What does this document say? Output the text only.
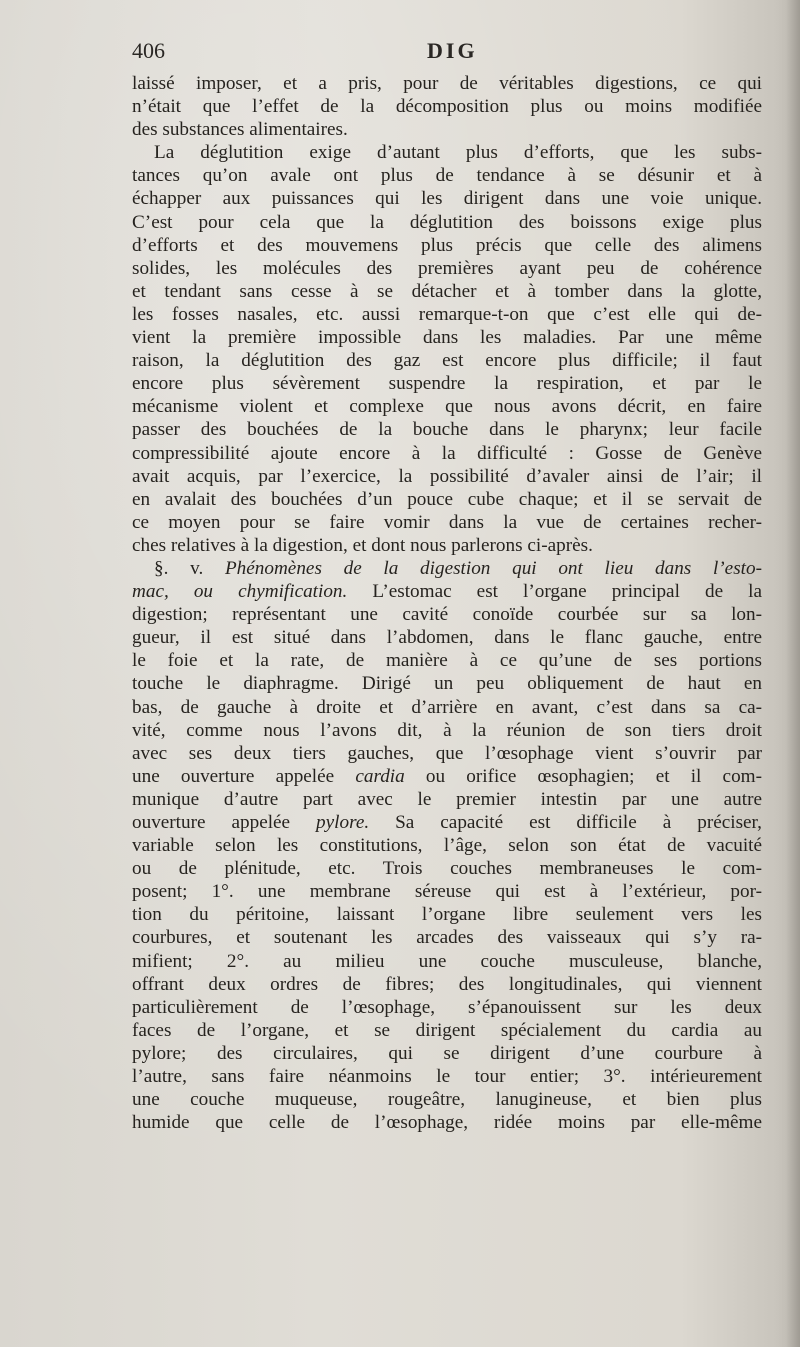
406	DIG
laissé imposer, et a pris, pour de véritables digestions, ce qui
n’était que l’effet de la décomposition plus ou moins modifiée
des substances alimentaires.
La déglutition exige d’autant plus d’efforts, que les subs-
tances qu’on avale ont plus de tendance à se désunir et à
échapper aux puissances qui les dirigent dans une voie unique.
C’est pour cela que la déglutition des boissons exige plus
d’efforts et des mouvemens plus précis que celle des alimens
solides, les molécules des premières ayant peu de cohérence
et tendant sans cesse à se détacher et à tomber dans la glotte,
les fosses nasales, etc. aussi remarque-t-on que c’est elle qui de-
vient la première impossible dans les maladies. Par une même
raison, la déglutition des gaz est encore plus difficile; il faut
encore plus sévèrement suspendre la respiration, et par le
mécanisme violent et complexe que nous avons décrit, en faire
passer des bouchées de la bouche dans le pharynx; leur facile
compressibilité ajoute encore à la difficulté : Gosse de Genève
avait acquis, par l’exercice, la possibilité d’avaler ainsi de l’air; il
en avalait des bouchées d’un pouce cube chaque; et il se servait de
ce moyen pour se faire vomir dans la vue de certaines recher-
ches relatives à la digestion, et dont nous parlerons ci-après.
§. v. Phénomènes de la digestion qui ont lieu dans l’esto-
mac, ou chymification. L’estomac est l’organe principal de la
digestion; représentant une cavité conoïde courbée sur sa lon-
gueur, il est situé dans l’abdomen, dans le flanc gauche, entre
le foie et la rate, de manière à ce qu’une de ses portions
touche le diaphragme. Dirigé un peu obliquement de haut en
bas, de gauche à droite et d’arrière en avant, c’est dans sa ca-
vité, comme nous l’avons dit, à la réunion de son tiers droit
avec ses deux tiers gauches, que l’œsophage vient s’ouvrir par
une ouverture appelée cardia ou orifice œsophagien; et il com-
munique d’autre part avec le premier intestin par une autre
ouverture appelée pylore. Sa capacité est difficile à préciser,
variable selon les constitutions, l’âge, selon son état de vacuité
ou de plénitude, etc. Trois couches membraneuses le com-
posent; 1°. une membrane séreuse qui est à l’extérieur, por-
tion du péritoine, laissant l’organe libre seulement vers les
courbures, et soutenant les arcades des vaisseaux qui s’y ra-
mifient; 2°. au milieu une couche musculeuse, blanche,
offrant deux ordres de fibres; des longitudinales, qui viennent
particulièrement de l’œsophage, s’épanouissent sur les deux
faces de l’organe, et se dirigent spécialement du cardia au
pylore; des circulaires, qui se dirigent d’une courbure à
l’autre, sans faire néanmoins le tour entier; 3°. intérieurement
une couche muqueuse, rougeâtre, lanugineuse, et bien plus
humide que celle de l’œsophage, ridée moins par elle-même
